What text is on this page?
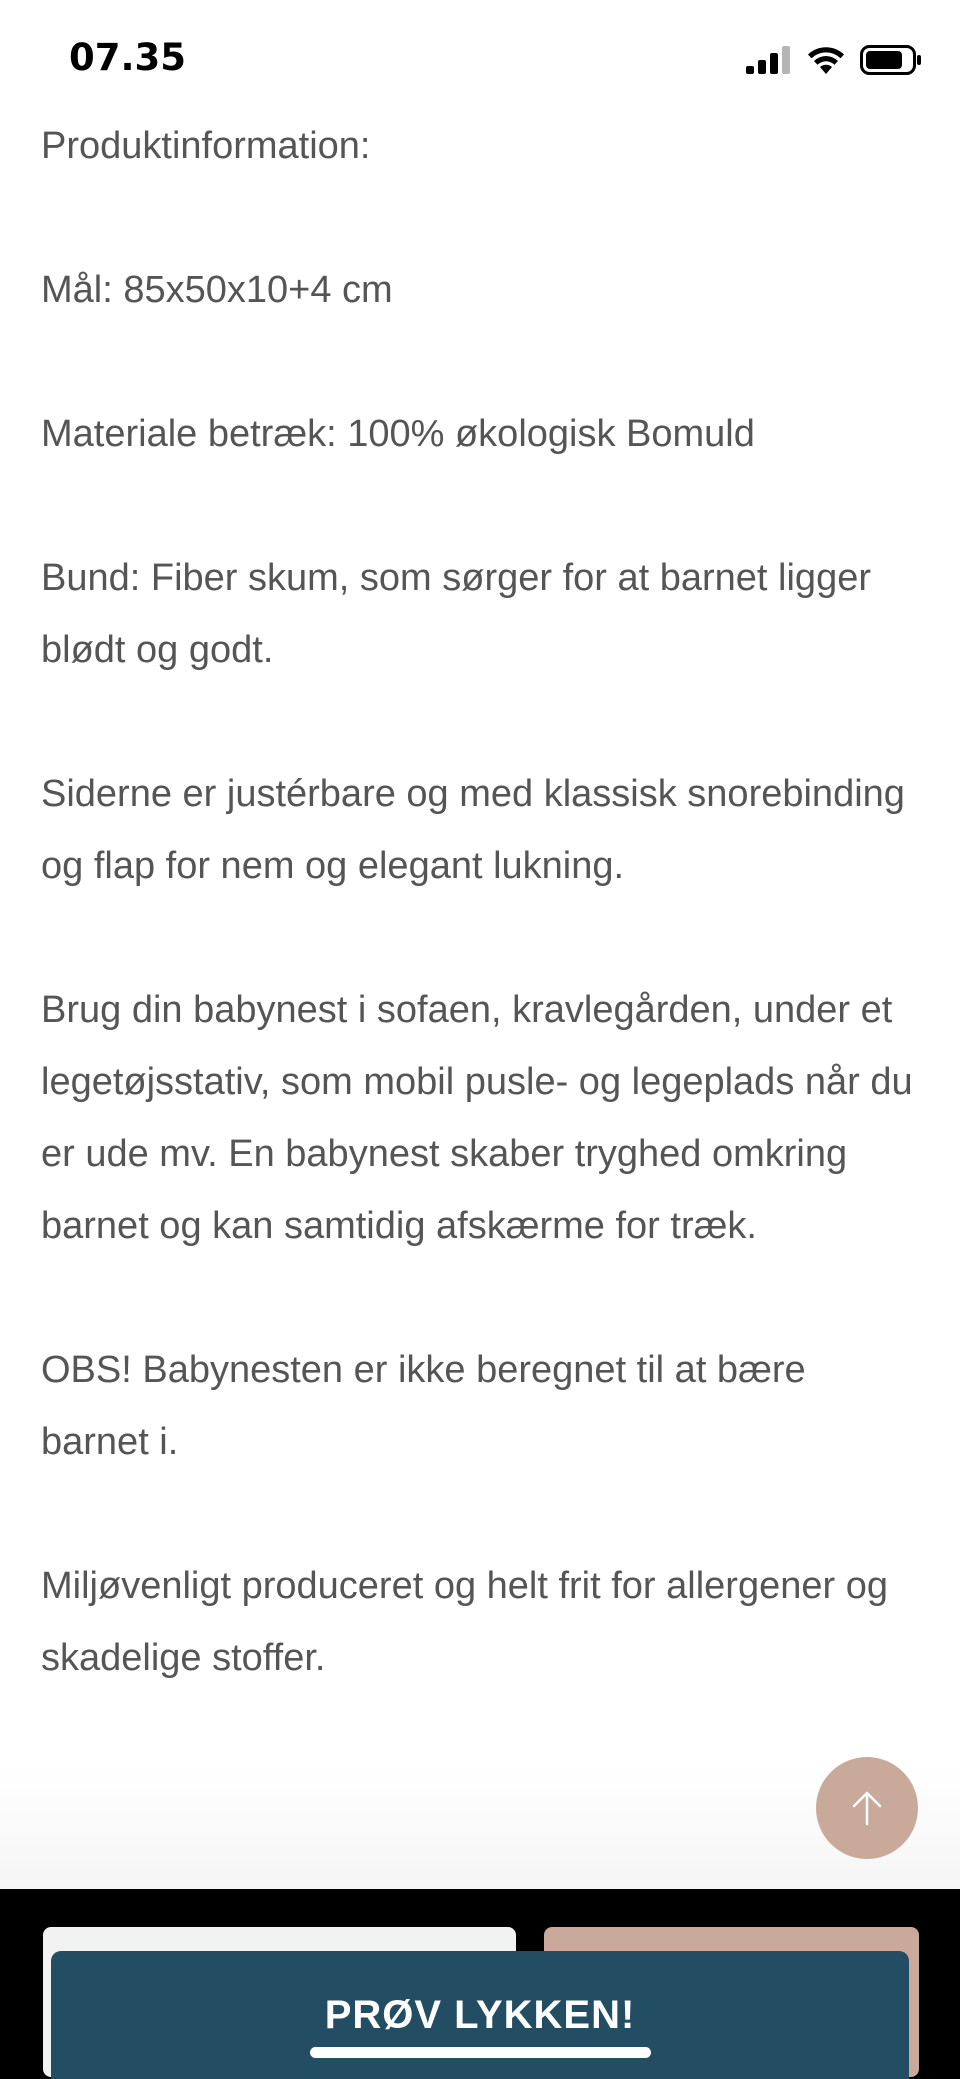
07.35

Produktinformation:

Mål: 85x50x10+4 cm

Materiale betræk: 100% økologisk Bomuld

Bund: Fiber skum, som sørger for at barnet ligger blødt og godt.

Siderne er justérbare og med klassisk snorebinding og flap for nem og elegant lukning.

Brug din babynest i sofaen, kravlegården, under et legetøjsstativ, som mobil pusle- og legeplads når du er ude mv. En babynest skaber tryghed omkring barnet og kan samtidig afskærme for træk.

OBS! Babynesten er ikke beregnet til at bære barnet i.

Miljøvenligt produceret og helt frit for allergener og skadelige stoffer.

PRØV LYKKEN!
